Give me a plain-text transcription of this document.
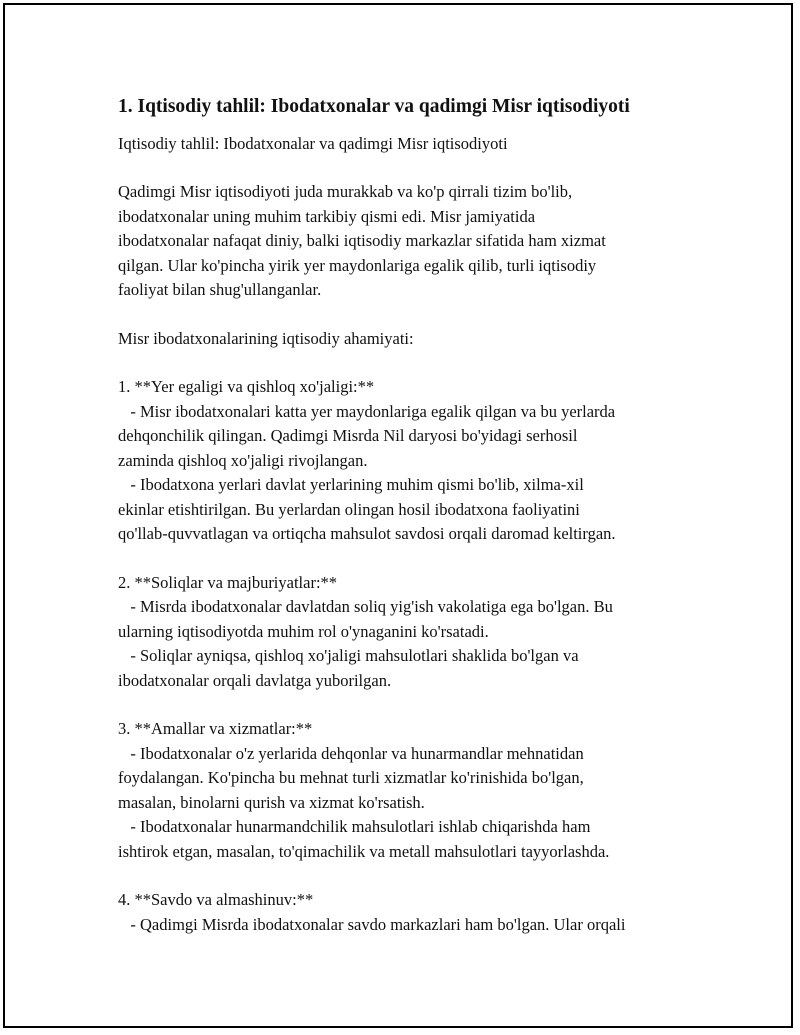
1. Iqtisodiy tahlil: Ibodatxonalar va qadimgi Misr iqtisodiyoti
Iqtisodiy tahlil: Ibodatxonalar va qadimgi Misr iqtisodiyoti

Qadimgi Misr iqtisodiyoti juda murakkab va ko'p qirrali tizim bo'lib,
ibodatxonalar uning muhim tarkibiy qismi edi. Misr jamiyatida
ibodatxonalar nafaqat diniy, balki iqtisodiy markazlar sifatida ham xizmat
qilgan. Ular ko'pincha yirik yer maydonlariga egalik qilib, turli iqtisodiy
faoliyat bilan shug'ullanganlar.

Misr ibodatxonalarining iqtisodiy ahamiyati:

1. **Yer egaligi va qishloq xo'jaligi:**
- Misr ibodatxonalari katta yer maydonlariga egalik qilgan va bu yerlarda
dehqonchilik qilingan. Qadimgi Misrda Nil daryosi bo'yidagi serhosil
zaminda qishloq xo'jaligi rivojlangan.
- Ibodatxona yerlari davlat yerlarining muhim qismi bo'lib, xilma-xil
ekinlar etishtirilgan. Bu yerlardan olingan hosil ibodatxona faoliyatini
qo'llab-quvvatlagan va ortiqcha mahsulot savdosi orqali daromad keltirgan.
2. **Soliqlar va majburiyatlar:**
- Misrda ibodatxonalar davlatdan soliq yig'ish vakolatiga ega bo'lgan. Bu
ularning iqtisodiyotda muhim rol o'ynaganini ko'rsatadi.
- Soliqlar ayniqsa, qishloq xo'jaligi mahsulotlari shaklida bo'lgan va
ibodatxonalar orqali davlatga yuborilgan.
3. **Amallar va xizmatlar:**
- Ibodatxonalar o'z yerlarida dehqonlar va hunarmandlar mehnatidan
foydalangan. Ko'pincha bu mehnat turli xizmatlar ko'rinishida bo'lgan,
masalan, binolarni qurish va xizmat ko'rsatish.
- Ibodatxonalar hunarmandchilik mahsulotlari ishlab chiqarishda ham
ishtirok etgan, masalan, to'qimachilik va metall mahsulotlari tayyorlashda.
4. **Savdo va almashinuv:**
- Qadimgi Misrda ibodatxonalar savdo markazlari ham bo'lgan. Ular orqali
